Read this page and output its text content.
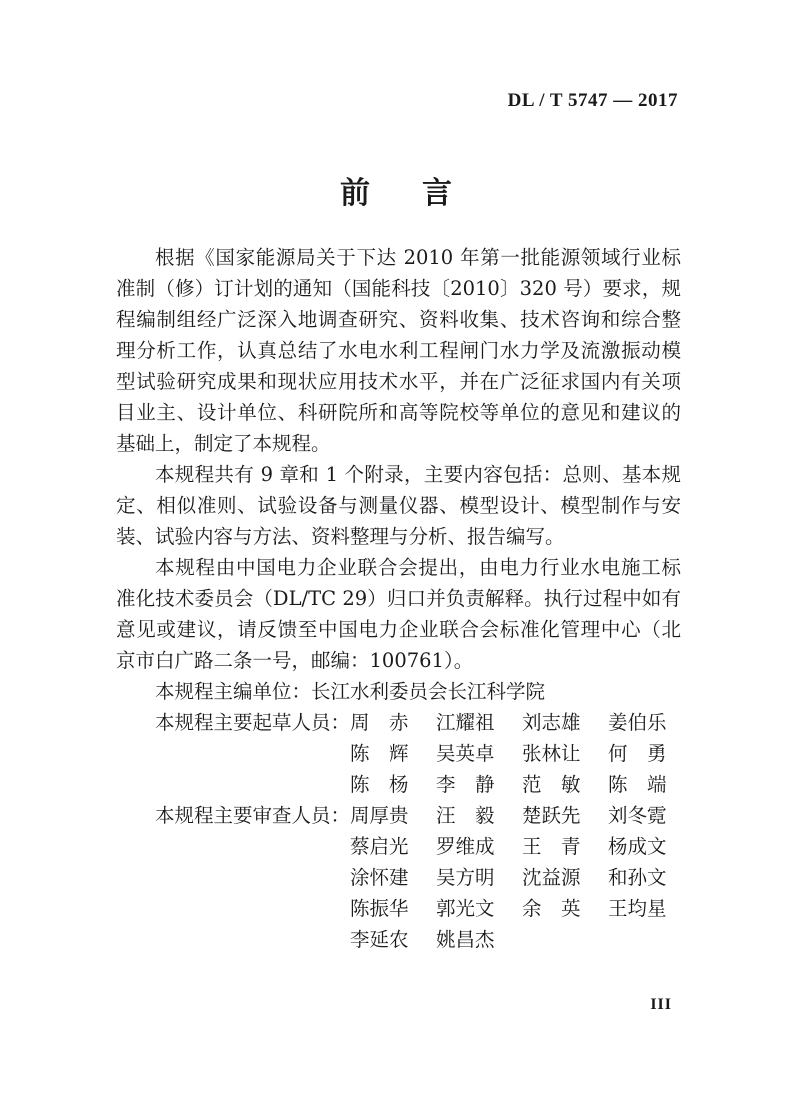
DL / T 5747 — 2017
前言

根据《国家能源局关于下达 2010 年第一批能源领域行业标准制（修）订计划的通知（国能科技〔2010〕320 号）要求，规程编制组经广泛深入地调查研究、资料收集、技术咨询和综合整理分析工作，认真总结了水电水利工程闸门水力学及流激振动模型试验研究成果和现状应用技术水平，并在广泛征求国内有关项目业主、设计单位、科研院所和高等院校等单位的意见和建议的基础上，制定了本规程。

本规程共有 9 章和 1 个附录，主要内容包括：总则、基本规定、相似准则、试验设备与测量仪器、模型设计、模型制作与安装、试验内容与方法、资料整理与分析、报告编写。

本规程由中国电力企业联合会提出，由电力行业水电施工标准化技术委员会（DL/TC 29）归口并负责解释。执行过程中如有意见或建议，请反馈至中国电力企业联合会标准化管理中心（北京市白广路二条一号，邮编：100761）。

本规程主编单位：长江水利委员会长江科学院

本规程主要起草人员： 周　赤	江耀祖	刘志雄	姜伯乐
陈　辉	吴英卓	张林让	何　勇
陈　杨	李　静	范　敏	陈　端
本规程主要审查人员： 周厚贵	汪　毅	楚跃先	刘冬霓
蔡启光	罗维成	王　青	杨成文
涂怀建	吴方明	沈益源	和孙文
陈振华	郭光文	余　英	王均星
李延农	姚昌杰
III
